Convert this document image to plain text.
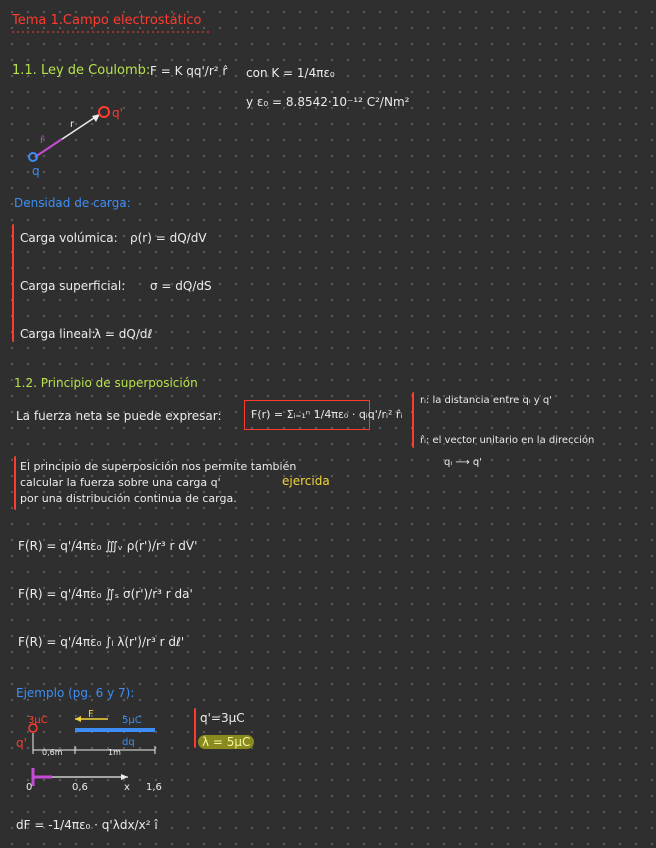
Tema 1.Campo electrostático
1.1. Ley de Coulomb: F = K qq'/r² r̂ con K = 1/4πε₀
y ε₀ = 8.8542·10⁻¹² C²/Nm²
q
q'
r
r̂
Densidad de carga:
Carga volúmica: ρ(r) = dQ/dV
Carga superficial: σ = dQ/dS
Carga lineal:
λ = dQ/dℓ
1.2. Principio de superposición
La fuerza neta se puede expresar:	F(r) = Σᵢ₌₁ⁿ 1/4πε₀ · qᵢq'/rᵢ² r̂ᵢ
rᵢ: la distancia entre qᵢ y q'
r̂ᵢ: el vector unitario en la dirección
qᵢ ⟶ q'
El principio de superposición nos permite también
calcular la fuerza sobre una carga q'	ejercida
por una distribución continua de carga.
F(R) = q'/4πε₀ ∭ᵥ ρ(r')/r³ r dV'
F(R) = q'/4πε₀ ∬ₛ σ(r')/r³ r da'
F(R) = q'/4πε₀ ∫ₗ λ(r')/r³ r dℓ'
Ejemplo (pg. 6 y 7):
q'=3μC
λ = 5μC
3μC	5μC
F
dq
q'
0,6m	1m
0	0,6	x 1,6
dF = -1/4πε₀ · q'λdx/x² î
